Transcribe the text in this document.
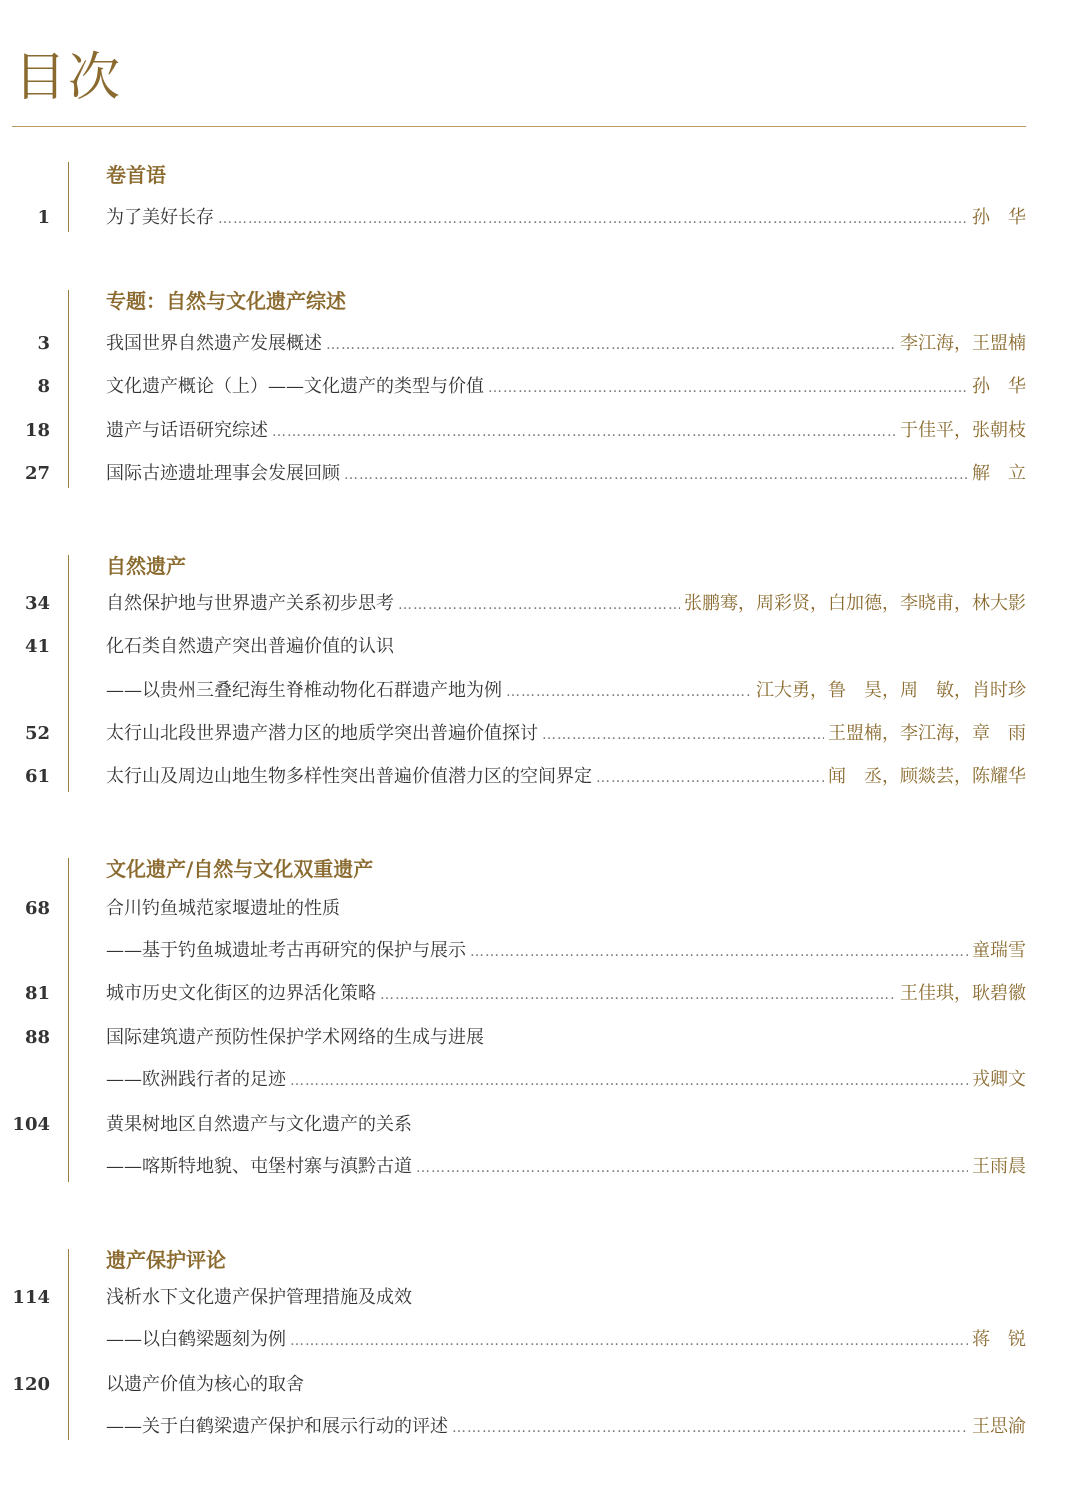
目次
卷首语
1	为了美好长存 …………………………………………………………………………………………………………………………………………………………………………………………	孙　华
专题：自然与文化遗产综述
3	我国世界自然遗产发展概述 …………………………………………………………………………………………………………………………………………………………………………………………	李江海，王盟楠
8	文化遗产概论（上）——文化遗产的类型与价值 …………………………………………………………………………………………………………………………………………………………………………………………	孙　华
18	遗产与话语研究综述 …………………………………………………………………………………………………………………………………………………………………………………………	于佳平，张朝枝
27	国际古迹遗址理事会发展回顾 …………………………………………………………………………………………………………………………………………………………………………………………	解　立
自然遗产
34	自然保护地与世界遗产关系初步思考 …………………………………………………………………………………………………………………………………………………………………………………………	张鹏骞，周彩贤，白加德，李晓甫，林大影
41	化石类自然遗产突出普遍价值的认识
——以贵州三叠纪海生脊椎动物化石群遗产地为例 …………………………………………………………………………………………………………………………………………………………………………………………	江大勇，鲁　昊，周　敏，肖时珍
52	太行山北段世界遗产潜力区的地质学突出普遍价值探讨 …………………………………………………………………………………………………………………………………………………………………………………………	王盟楠，李江海，章　雨
61	太行山及周边山地生物多样性突出普遍价值潜力区的空间界定 …………………………………………………………………………………………………………………………………………………………………………………………	闻　丞，顾燚芸，陈耀华
文化遗产/自然与文化双重遗产
68	合川钓鱼城范家堰遗址的性质
——基于钓鱼城遗址考古再研究的保护与展示 …………………………………………………………………………………………………………………………………………………………………………………………	童瑞雪
81	城市历史文化街区的边界活化策略 …………………………………………………………………………………………………………………………………………………………………………………………	王佳琪，耿碧徽
88	国际建筑遗产预防性保护学术网络的生成与进展
——欧洲践行者的足迹 …………………………………………………………………………………………………………………………………………………………………………………………	戎卿文
104	黄果树地区自然遗产与文化遗产的关系
——喀斯特地貌、屯堡村寨与滇黔古道 …………………………………………………………………………………………………………………………………………………………………………………………	王雨晨
遗产保护评论
114	浅析水下文化遗产保护管理措施及成效
——以白鹤梁题刻为例 …………………………………………………………………………………………………………………………………………………………………………………………	蒋　锐
120	以遗产价值为核心的取舍
——关于白鹤梁遗产保护和展示行动的评述 …………………………………………………………………………………………………………………………………………………………………………………………	王思渝
